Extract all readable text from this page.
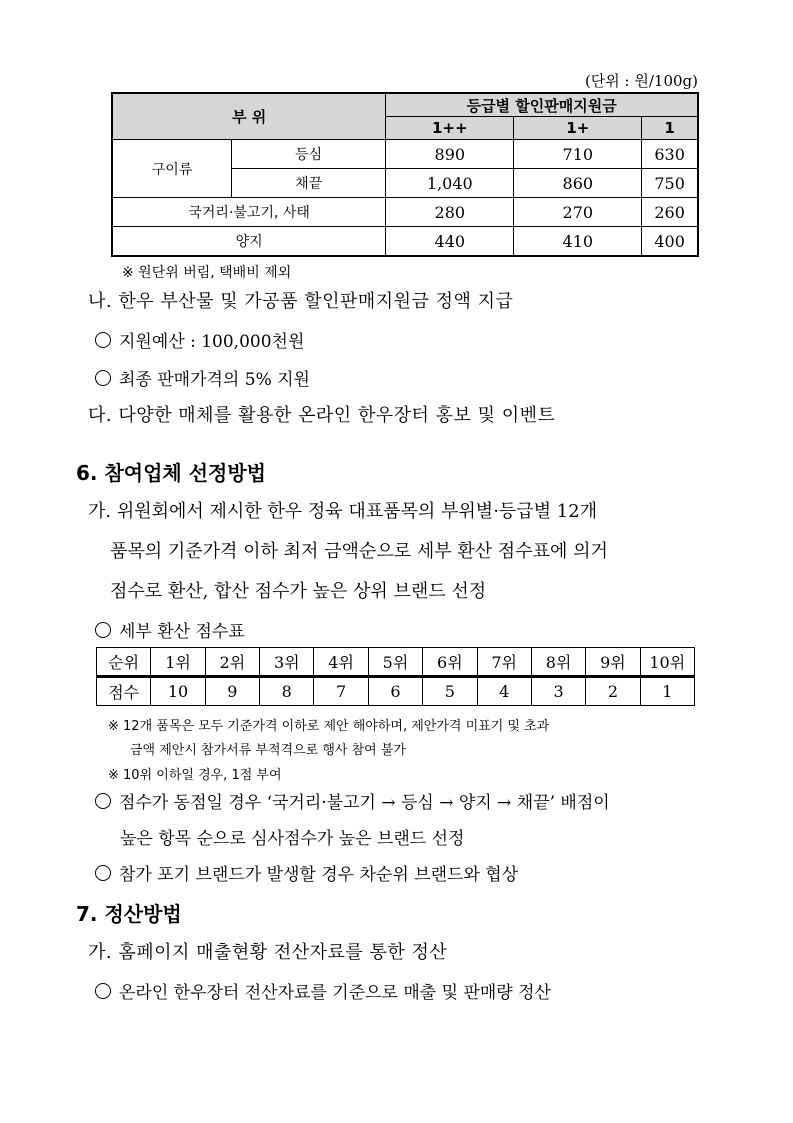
(단위 : 원/100g)
부 위		등급별 할인판매지원금		
		1++	1+	1
구이류	등심	890	710	630
	채끝	1,040	860	750
국거리·불고기, 사태		280	270	260
양지		440	410	400
※ 원단위 버림, 택배비 제외
나. 한우 부산물 및 가공품 할인판매지원금 정액 지급
지원예산 : 100,000천원
최종 판매가격의 5% 지원
다. 다양한 매체를 활용한 온라인 한우장터 홍보 및 이벤트
6. 참여업체 선정방법
가. 위원회에서 제시한 한우 정육 대표품목의 부위별·등급별 12개
품목의 기준가격 이하 최저 금액순으로 세부 환산 점수표에 의거
점수로 환산, 합산 점수가 높은 상위 브랜드 선정
세부 환산 점수표
순위	1위	2위	3위	4위	5위	6위	7위	8위	9위	10위
점수	10	9	8	7	6	5	4	3	2	1
※ 12개 품목은 모두 기준가격 이하로 제안 해야하며, 제안가격 미표기 및 초과
금액 제안시 참가서류 부적격으로 행사 참여 불가
※ 10위 이하일 경우, 1점 부여
점수가 동점일 경우 ‘국거리·불고기 → 등심 → 양지 → 채끝’ 배점이
높은 항목 순으로 심사점수가 높은 브랜드 선정
참가 포기 브랜드가 발생할 경우 차순위 브랜드와 협상
7. 정산방법
가. 홈페이지 매출현황 전산자료를 통한 정산
온라인 한우장터 전산자료를 기준으로 매출 및 판매량 정산
